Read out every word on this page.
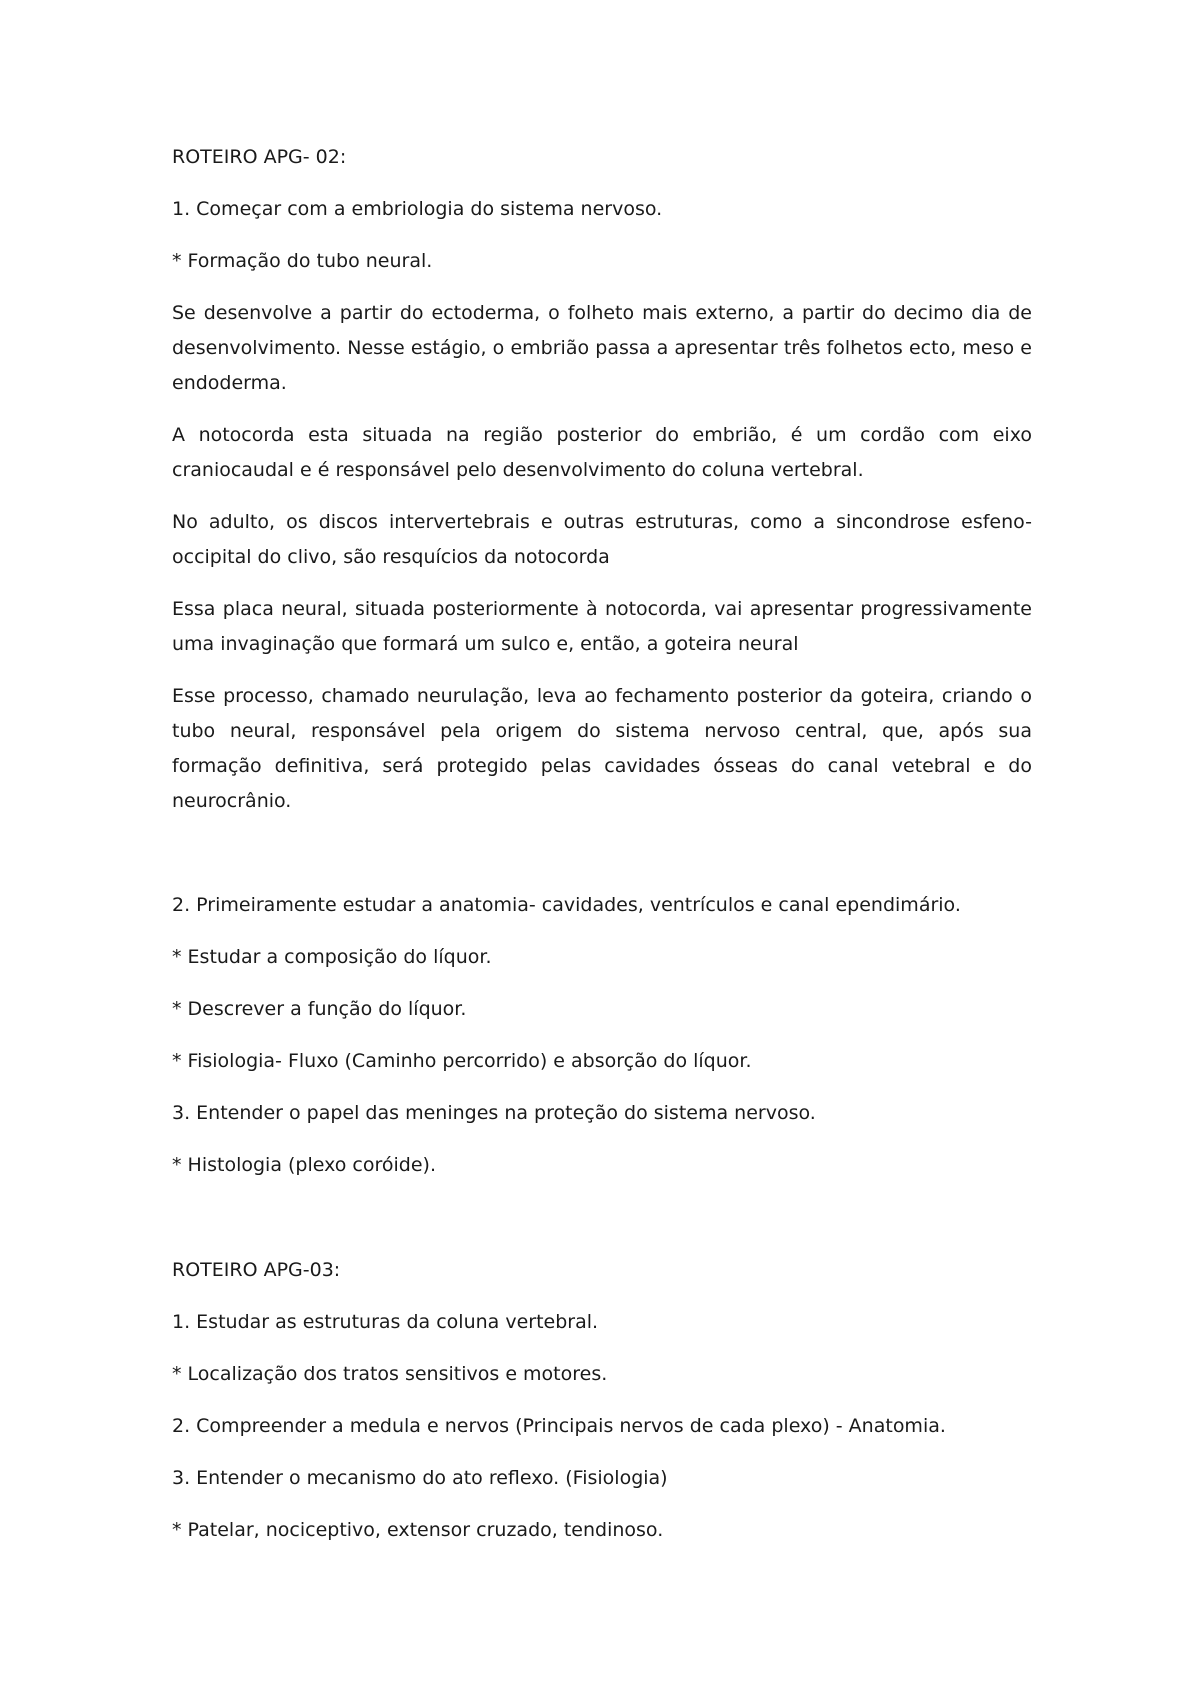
ROTEIRO APG- 02:

1. Começar com a embriologia do sistema nervoso.

* Formação do tubo neural.

Se desenvolve a partir do ectoderma, o folheto mais externo, a partir do decimo dia de desenvolvimento. Nesse estágio, o embrião passa a apresentar três folhetos ecto, meso e endoderma.

A notocorda esta situada na região posterior do embrião, é um cordão com eixo craniocaudal e é responsável pelo desenvolvimento do coluna vertebral.

No adulto, os discos intervertebrais e outras estruturas, como a sincondrose esfeno-occipital do clivo, são resquícios da notocorda

Essa placa neural, situada posteriormente à notocorda, vai apresentar progressivamente uma invaginação que formará um sulco e, então, a goteira neural

Esse processo, chamado neurulação, leva ao fechamento posterior da goteira, criando o tubo neural, responsável pela origem do sistema nervoso central, que, após sua formação definitiva, será protegido pelas cavidades ósseas do canal vetebral e do neurocrânio.

2. Primeiramente estudar a anatomia- cavidades, ventrículos e canal ependimário.

* Estudar a composição do líquor.

* Descrever a função do líquor.

* Fisiologia- Fluxo (Caminho percorrido) e absorção do líquor.

3. Entender o papel das meninges na proteção do sistema nervoso.

* Histologia (plexo coróide).

ROTEIRO APG-03:

1. Estudar as estruturas da coluna vertebral.

* Localização dos tratos sensitivos e motores.

2. Compreender a medula e nervos (Principais nervos de cada plexo) - Anatomia.

3. Entender o mecanismo do ato reflexo. (Fisiologia)

* Patelar, nociceptivo, extensor cruzado, tendinoso.
